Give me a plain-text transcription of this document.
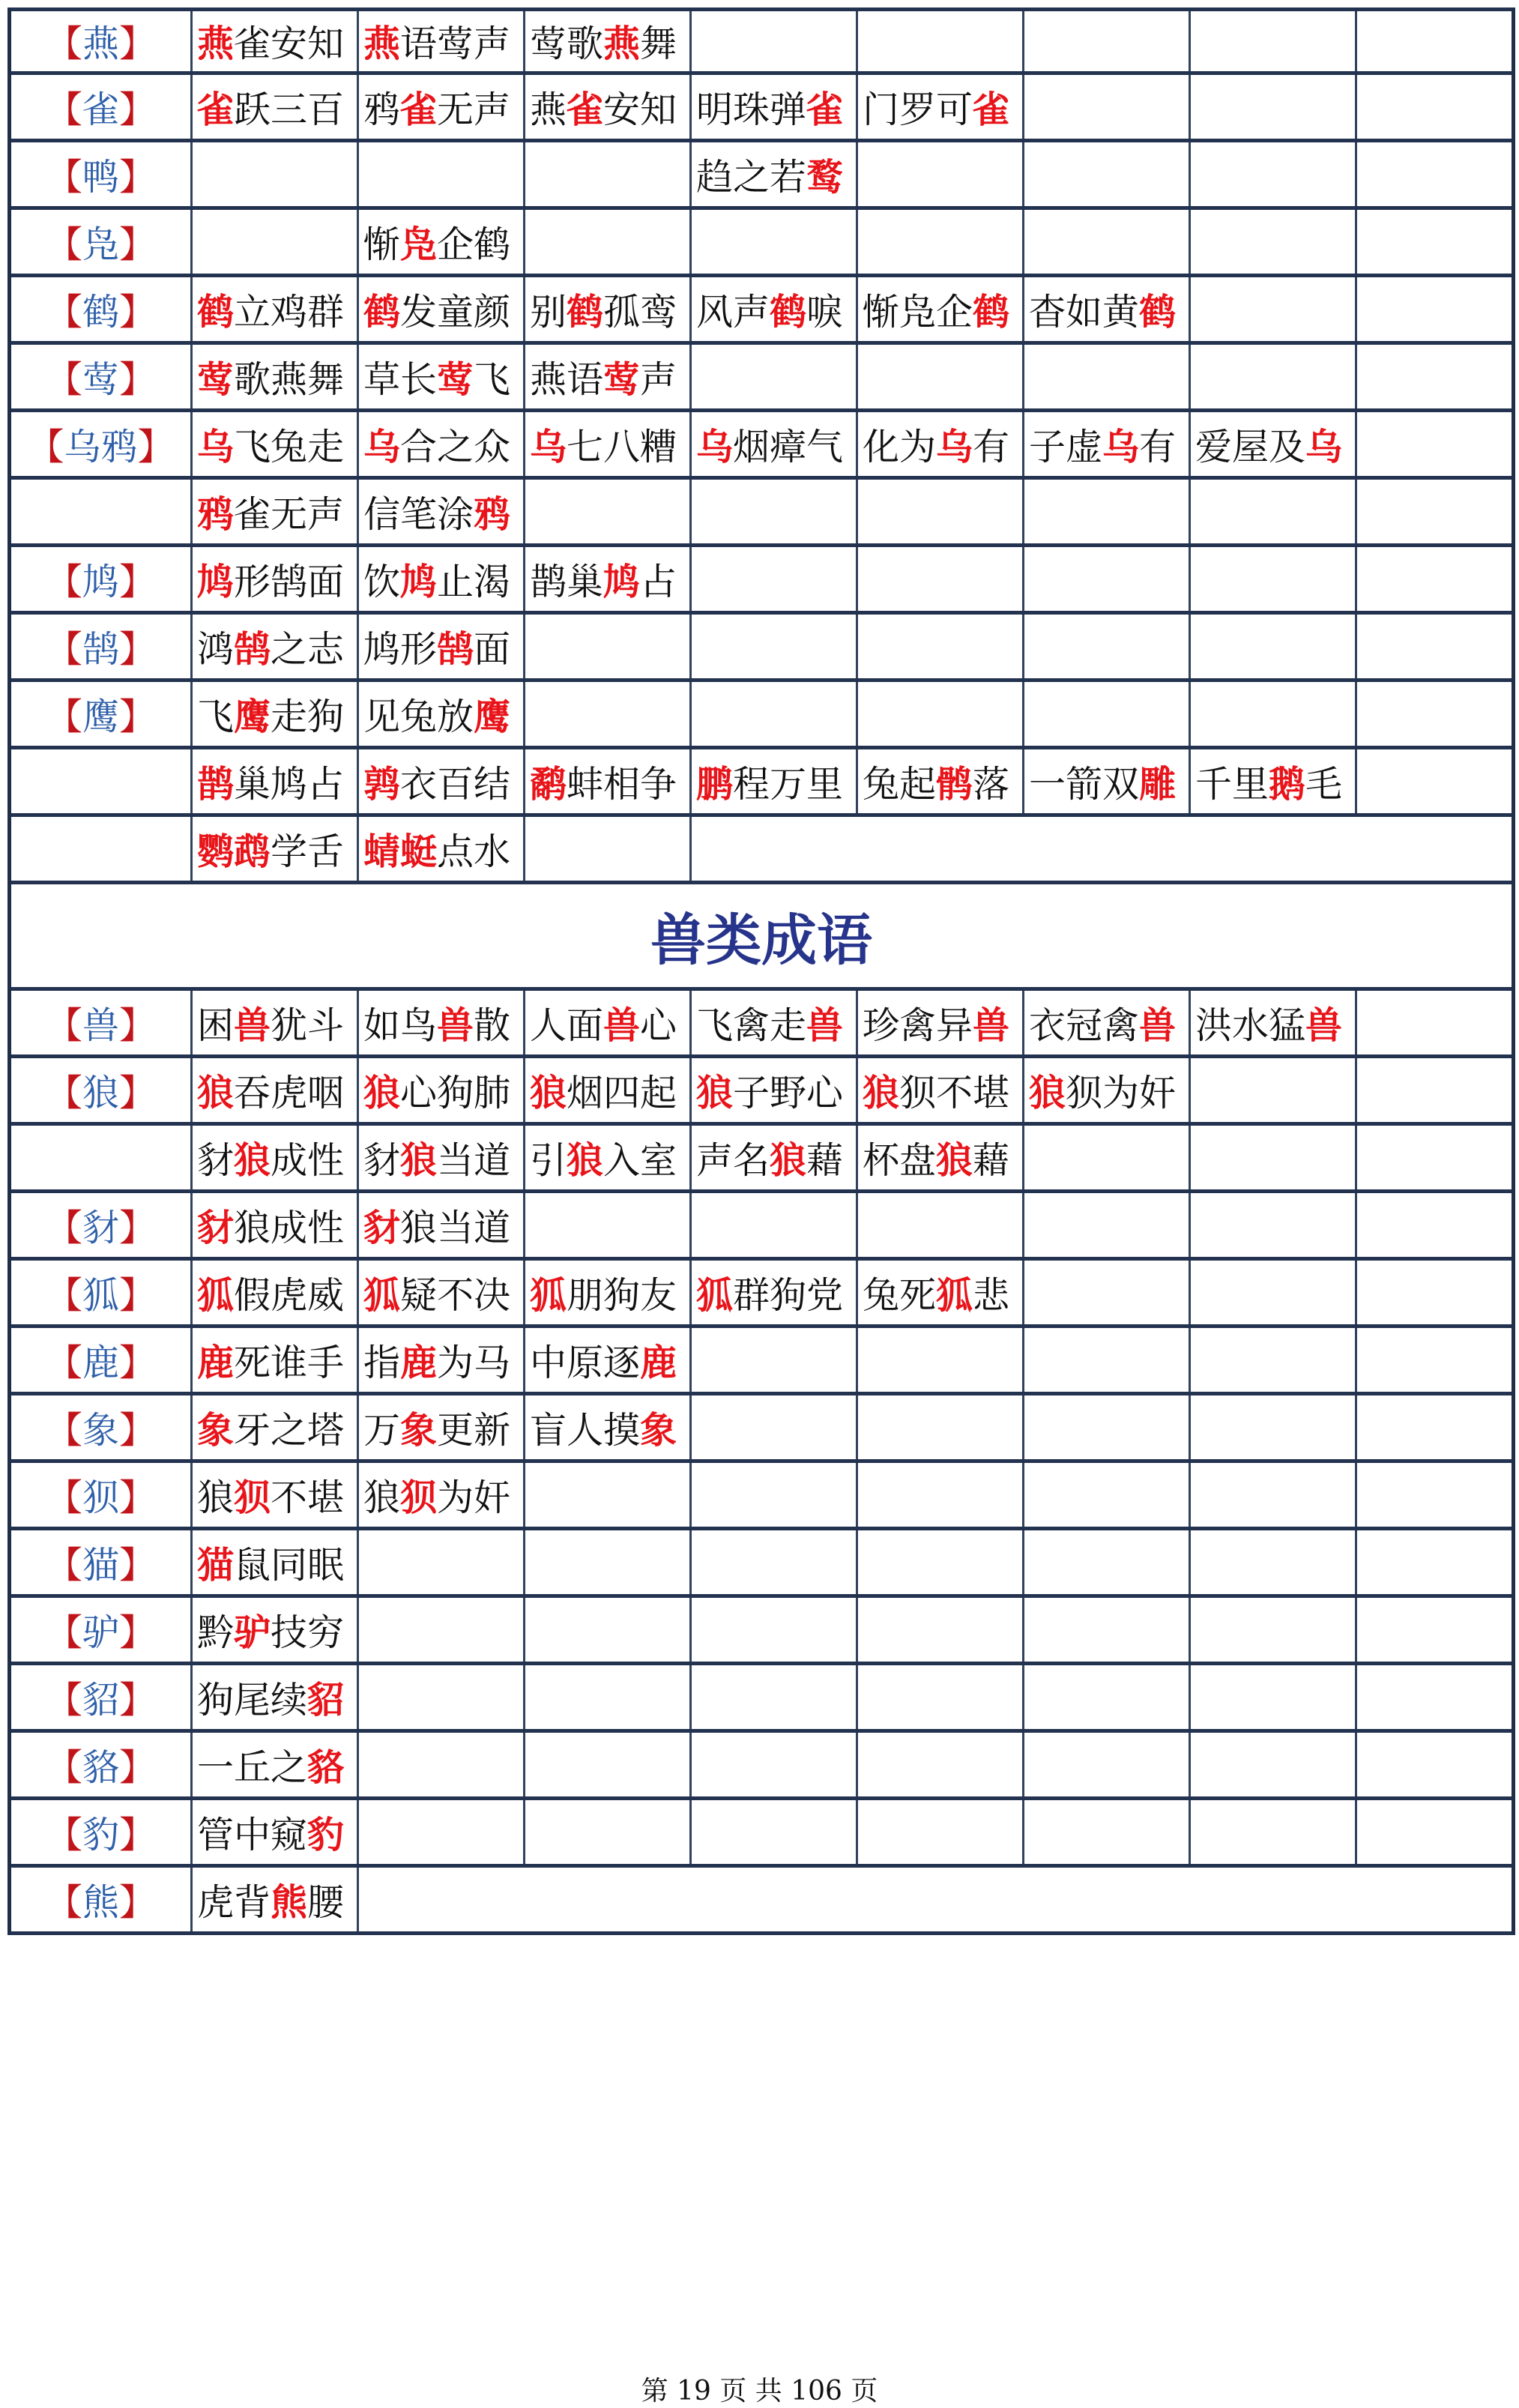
【 燕 】 燕 雀安知 燕 语莺声 莺歌 燕 舞
【 雀 】 雀 跃三百 鸦 雀 无声 燕 雀 安知 明珠弹 雀 门罗可 雀
【 鸭 】	趋之若 鹜
【 凫 】	惭 凫 企鹤
【 鹤 】 鹤 立鸡群 鹤 发童颜 别 鹤 孤鸾 风声 鹤 唳 惭凫企 鹤 杳如黄 鹤
【 莺 】 莺 歌燕舞 草长 莺 飞 燕语 莺 声
【 乌鸦 】 乌 飞兔走 乌 合之众 乌 七八糟 乌 烟瘴气 化为 乌 有 子虚 乌 有 爱屋及 乌
鸦 雀无声 信笔涂 鸦
【 鸠 】 鸠 形鹄面 饮 鸠 止渴 鹊巢 鸠 占
【 鹄 】 鸿 鹄 之志 鸠形 鹄 面
【 鹰 】 飞 鹰 走狗 见兔放 鹰
鹊 巢鸠占 鹑 衣百结 鹬 蚌相争 鹏 程万里 兔起 鹘 落 一箭双 雕 千里 鹅 毛
鹦鹉 学舌 蜻蜓 点水
兽类成语
【 兽 】 困 兽 犹斗 如鸟 兽 散 人面 兽 心 飞禽走 兽 珍禽异 兽 衣冠禽 兽 洪水猛 兽
【 狼 】 狼 吞虎咽 狼 心狗肺 狼 烟四起 狼 子野心 狼 狈不堪 狼 狈为奸
豺 狼 成性 豺 狼 当道 引 狼 入室 声名 狼 藉 杯盘 狼 藉
【 豺 】 豺 狼成性 豺 狼当道
【 狐 】 狐 假虎威 狐 疑不决 狐 朋狗友 狐 群狗党 兔死 狐 悲
【 鹿 】 鹿 死谁手 指 鹿 为马 中原逐 鹿
【 象 】 象 牙之塔 万 象 更新 盲人摸 象
【 狈 】 狼 狈 不堪 狼 狈 为奸
【 猫 】 猫 鼠同眠
【 驴 】 黔 驴 技穷
【 貂 】 狗尾续 貂
【 貉 】 一丘之 貉
【 豹 】 管中窥 豹
【 熊 】 虎背 熊 腰
第 19 页 共 106 页
